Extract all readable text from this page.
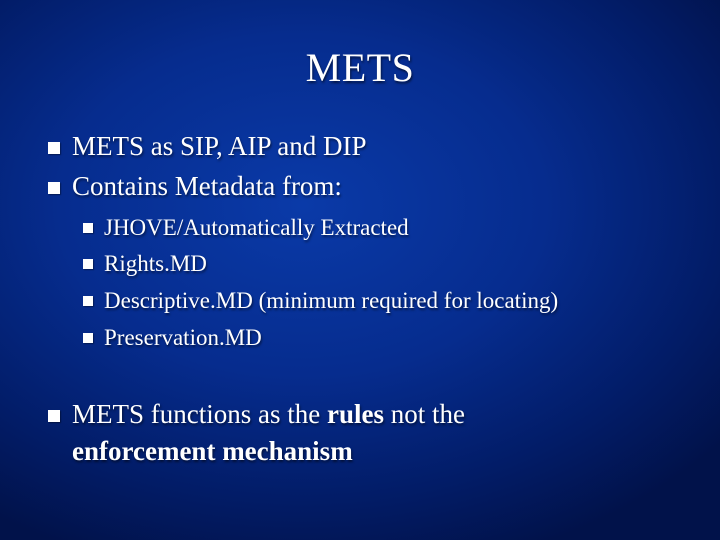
METS
METS as SIP, AIP and DIP
Contains Metadata from:
JHOVE/Automatically Extracted
Rights.MD
Descriptive.MD (minimum required for locating)
Preservation.MD
METS functions as the rules not the
enforcement mechanism
